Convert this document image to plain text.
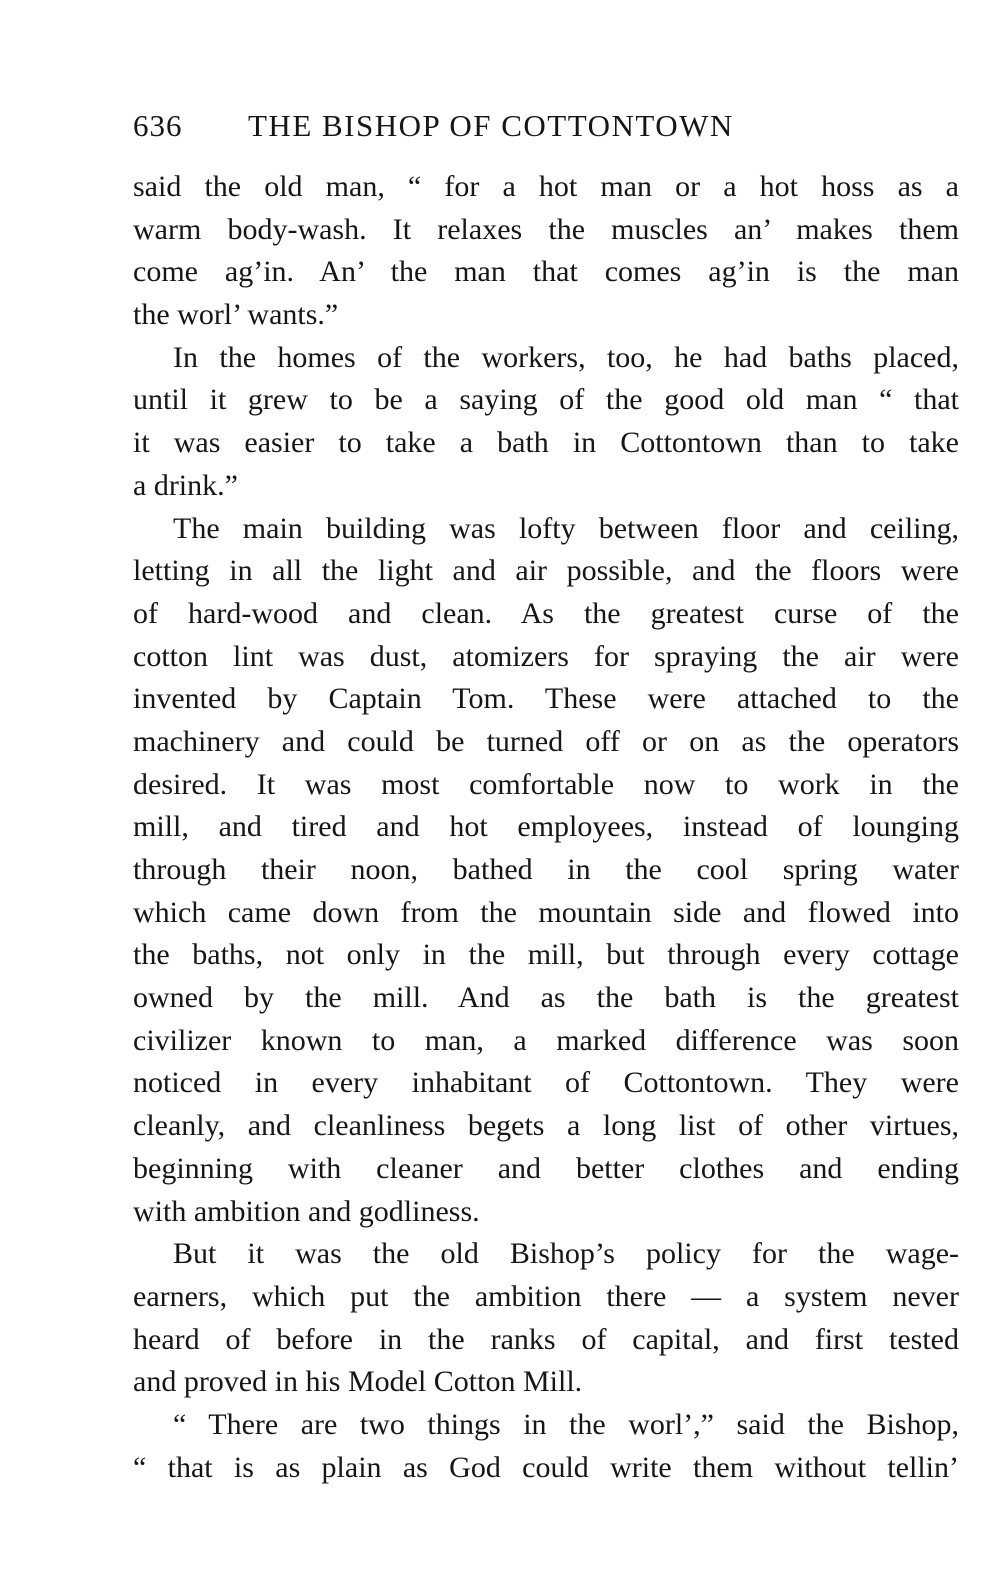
636 THE BISHOP OF COTTONTOWN
said the old man, “ for a hot man or a hot hoss as a
warm body-wash. It relaxes the muscles an’ makes them
come ag’in. An’ the man that comes ag’in is the man
the worl’ wants.”
In the homes of the workers, too, he had baths placed,
until it grew to be a saying of the good old man “ that
it was easier to take a bath in Cottontown than to take
a drink.”
The main building was lofty between floor and ceiling,
letting in all the light and air possible, and the floors were
of hard-wood and clean. As the greatest curse of the
cotton lint was dust, atomizers for spraying the air were
invented by Captain Tom. These were attached to the
machinery and could be turned off or on as the operators
desired. It was most comfortable now to work in the
mill, and tired and hot employees, instead of lounging
through their noon, bathed in the cool spring water
which came down from the mountain side and flowed into
the baths, not only in the mill, but through every cottage
owned by the mill. And as the bath is the greatest
civilizer known to man, a marked difference was soon
noticed in every inhabitant of Cottontown. They were
cleanly, and cleanliness begets a long list of other virtues,
beginning with cleaner and better clothes and ending
with ambition and godliness.
But it was the old Bishop’s policy for the wage-
earners, which put the ambition there — a system never
heard of before in the ranks of capital, and first tested
and proved in his Model Cotton Mill.
“ There are two things in the worl’,” said the Bishop,
“ that is as plain as God could write them without tellin’
